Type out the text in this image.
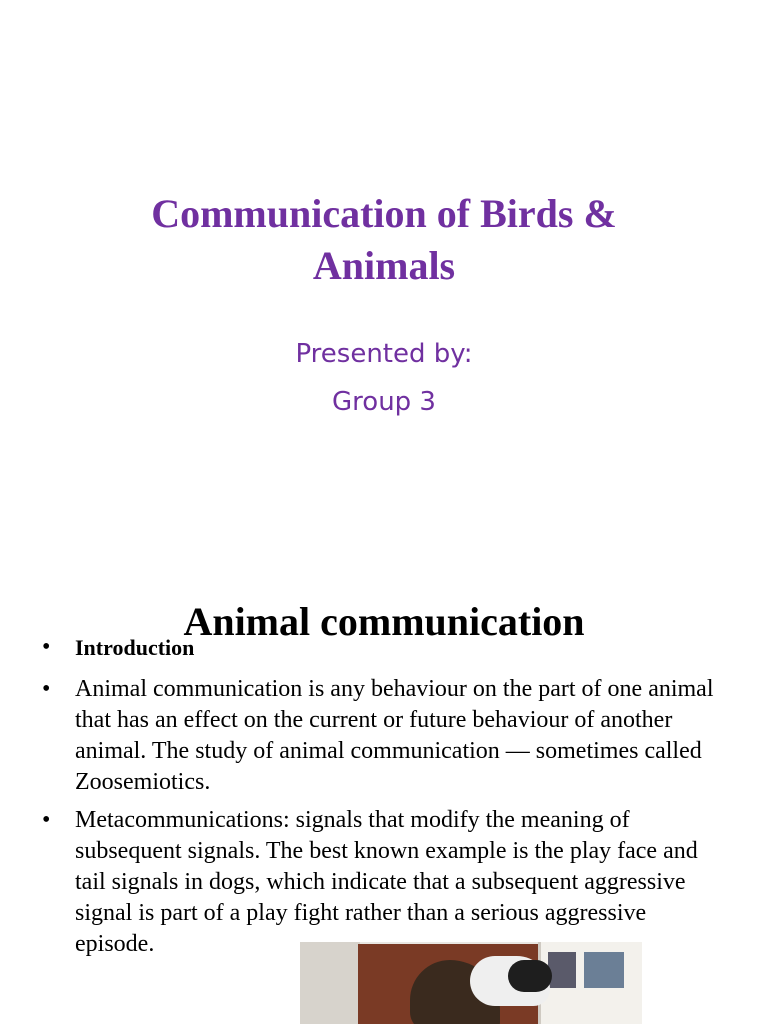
Communication of Birds &
Animals
Presented by:
Group 3
Animal communication
•	Introduction
•	Animal communication is any behaviour on the part of one animal that has an effect on the current or future behaviour of another animal. The study of animal communication — sometimes called Zoosemiotics.
•	Metacommunications: signals that modify the meaning of subsequent signals. The best known example is the play face and tail signals in dogs, which indicate that a subsequent aggressive signal is part of a play fight rather than a serious aggressive episode.
